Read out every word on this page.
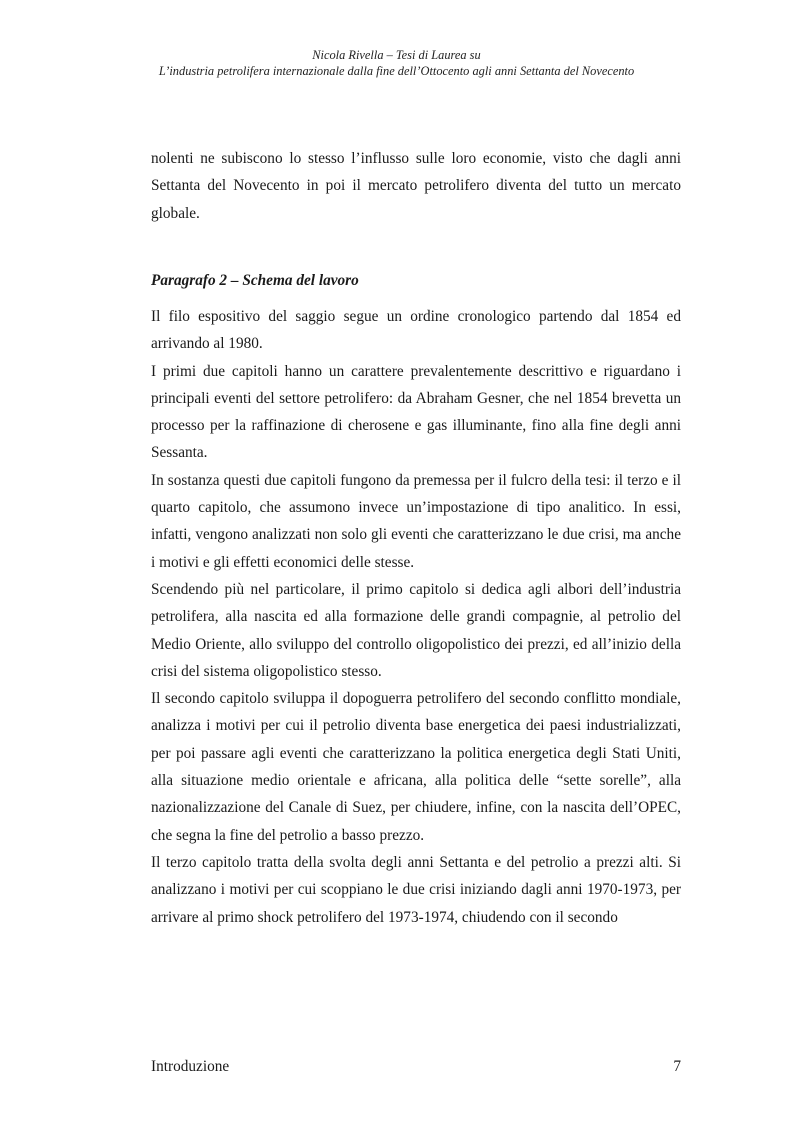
Nicola Rivella – Tesi di Laurea su
L’industria petrolifera internazionale dalla fine dell’Ottocento agli anni Settanta del Novecento

nolenti ne subiscono lo stesso l’influsso sulle loro economie, visto che dagli anni Settanta del Novecento in poi il mercato petrolifero diventa del tutto un mercato globale.

Paragrafo 2 – Schema del lavoro

Il filo espositivo del saggio segue un ordine cronologico partendo dal 1854 ed arrivando al 1980.

I primi due capitoli hanno un carattere prevalentemente descrittivo e riguardano i principali eventi del settore petrolifero: da Abraham Gesner, che nel 1854 brevetta un processo per la raffinazione di cherosene e gas illuminante, fino alla fine degli anni Sessanta.

In sostanza questi due capitoli fungono da premessa per il fulcro della tesi: il terzo e il quarto capitolo, che assumono invece un’impostazione di tipo analitico. In essi, infatti, vengono analizzati non solo gli eventi che caratterizzano le due crisi, ma anche i motivi e gli effetti economici delle stesse.

Scendendo più nel particolare, il primo capitolo si dedica agli albori dell’industria petrolifera, alla nascita ed alla formazione delle grandi compagnie, al petrolio del Medio Oriente, allo sviluppo del controllo oligopolistico dei prezzi, ed all’inizio della crisi del sistema oligopolistico stesso.

Il secondo capitolo sviluppa il dopoguerra petrolifero del secondo conflitto mondiale, analizza i motivi per cui il petrolio diventa base energetica dei paesi industrializzati, per poi passare agli eventi che caratterizzano la politica energetica degli Stati Uniti, alla situazione medio orientale e africana, alla politica delle “sette sorelle”, alla nazionalizzazione del Canale di Suez, per chiudere, infine, con la nascita dell’OPEC, che segna la fine del petrolio a basso prezzo.

Il terzo capitolo tratta della svolta degli anni Settanta e del petrolio a prezzi alti. Si analizzano i motivi per cui scoppiano le due crisi iniziando dagli anni 1970-1973, per arrivare al primo shock petrolifero del 1973-1974, chiudendo con il secondo

Introduzione	7
